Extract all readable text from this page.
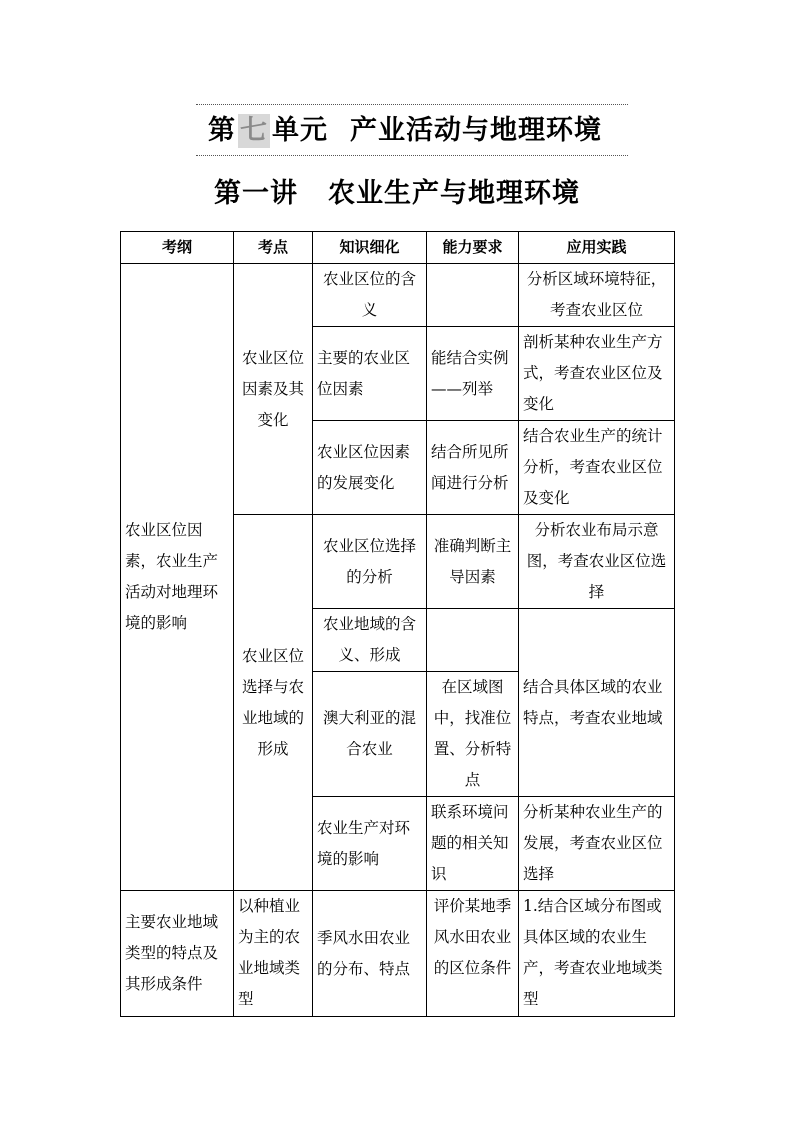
第 七 单元 产业活动与地理环境
第一讲 农业生产与地理环境
考纲	考点	知识细化	能力要求	应用实践
农业区位因素，农业生产活动对地理环境的影响	农业区位因素及其变化	农业区位的含义		分析区域环境特征，考查农业区位
		主要的农业区位因素	能结合实例——列举	剖析某种农业生产方式，考查农业区位及变化
		农业区位因素的发展变化	结合所见所闻进行分析	结合农业生产的统计分析，考查农业区位及变化
	农业区位选择与农业地域的形成	农业区位选择的分析	准确判断主导因素	分析农业布局示意图，考查农业区位选择
		农业地域的含义、形成		结合具体区域的农业特点，考查农业地域
		澳大利亚的混合农业	在区域图中，找准位置、分析特点	
		农业生产对环境的影响	联系环境问题的相关知识	分析某种农业生产的发展，考查农业区位选择
主要农业地域类型的特点及其形成条件	以种植业为主的农业地域类型	季风水田农业的分布、特点	评价某地季风水田农业的区位条件	1.结合区域分布图或具体区域的农业生产，考查农业地域类型
